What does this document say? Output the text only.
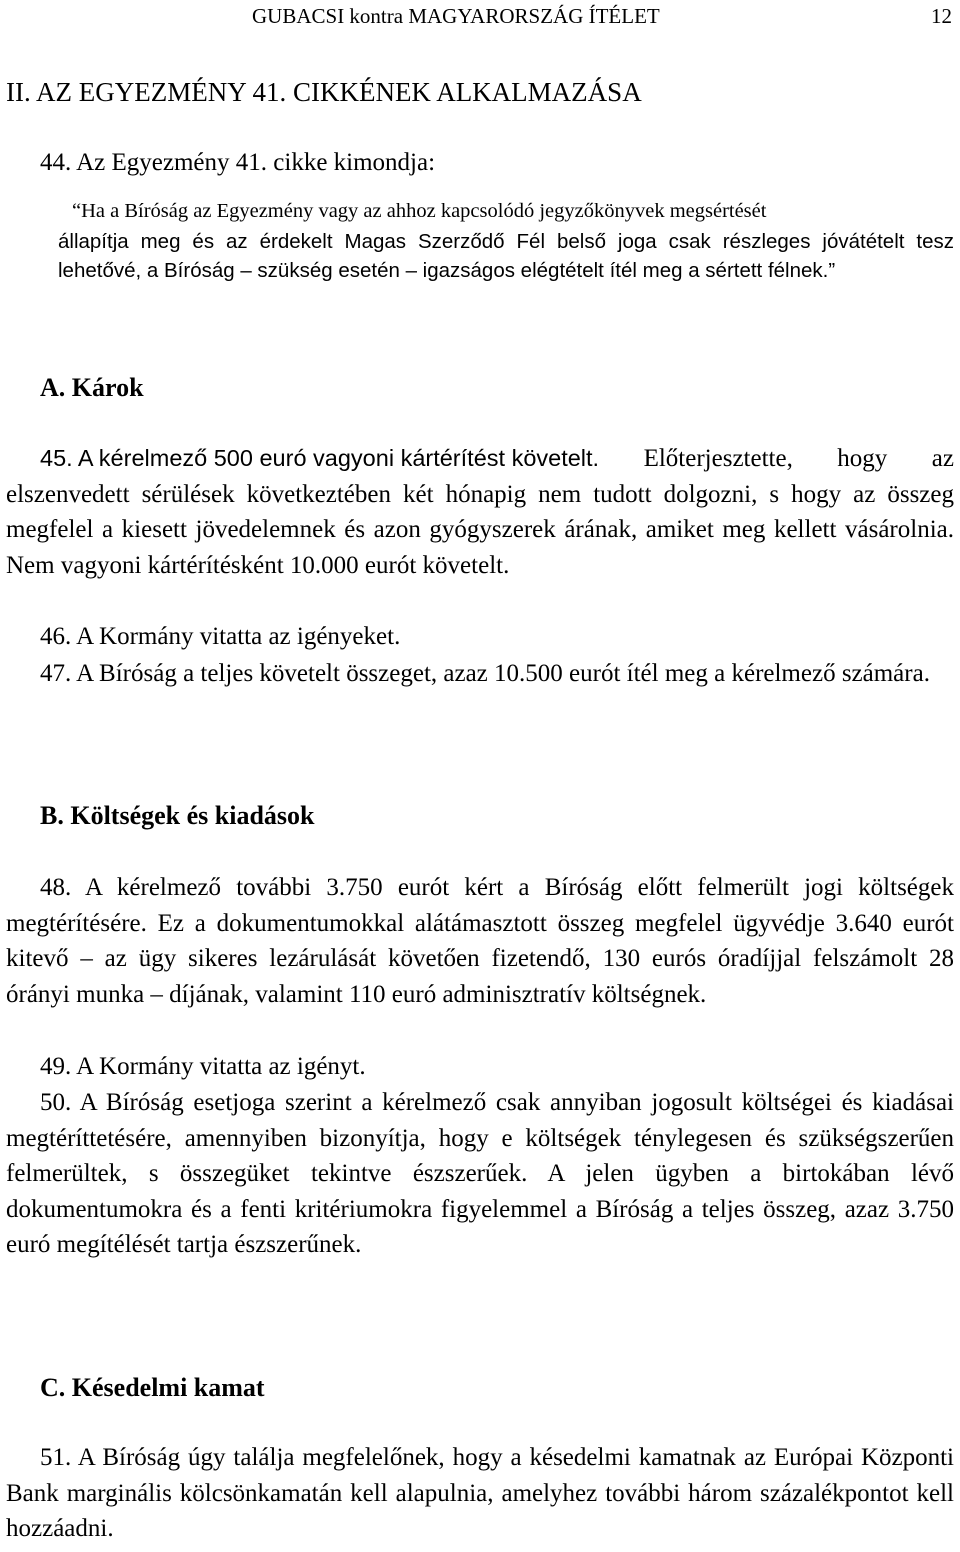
GUBACSI kontra MAGYARORSZÁG ÍTÉLET	12
II. AZ EGYEZMÉNY 41. CIKKÉNEK ALKALMAZÁSA

44. Az Egyezmény 41. cikke kimondja:

“Ha a Bíróság az Egyezmény vagy az ahhoz kapcsolódó jegyzőkönyvek megsértését

állapítja meg és az érdekelt Magas Szerződő Fél belső joga csak részleges jóvátételt tesz lehetővé, a Bíróság – szükség esetén – igazságos elégtételt ítél meg a sértett félnek.”

A. Károk

45. A kérelmező 500 euró vagyoni kártérítést követelt. Előterjesztette, hogy az elszenvedett sérülések következtében két hónapig nem tudott dolgozni, s hogy az összeg megfelel a kiesett jövedelemnek és azon gyógyszerek árának, amiket meg kellett vásárolnia. Nem vagyoni kártérítésként 10.000 eurót követelt.

46. A Kormány vitatta az igényeket.

47. A Bíróság a teljes követelt összeget, azaz 10.500 eurót ítél meg a kérelmező számára.

B. Költségek és kiadások

48. A kérelmező további 3.750 eurót kért a Bíróság előtt felmerült jogi költségek megtérítésére. Ez a dokumentumokkal alátámasztott összeg megfelel ügyvédje 3.640 eurót kitevő – az ügy sikeres lezárulását követően fizetendő, 130 eurós óradíjjal felszámolt 28 órányi munka – díjának, valamint 110 euró adminisztratív költségnek.

49. A Kormány vitatta az igényt.

50. A Bíróság esetjoga szerint a kérelmező csak annyiban jogosult költségei és kiadásai megtéríttetésére, amennyiben bizonyítja, hogy e költségek ténylegesen és szükségszerűen felmerültek, s összegüket tekintve észszerűek. A jelen ügyben a birtokában lévő dokumentumokra és a fenti kritériumokra figyelemmel a Bíróság a teljes összeg, azaz 3.750 euró megítélését tartja észszerűnek.

C. Késedelmi kamat

51. A Bíróság úgy találja megfelelőnek, hogy a késedelmi kamatnak az Európai Központi Bank marginális kölcsönkamatán kell alapulnia, amelyhez további három százalékpontot kell hozzáadni.
